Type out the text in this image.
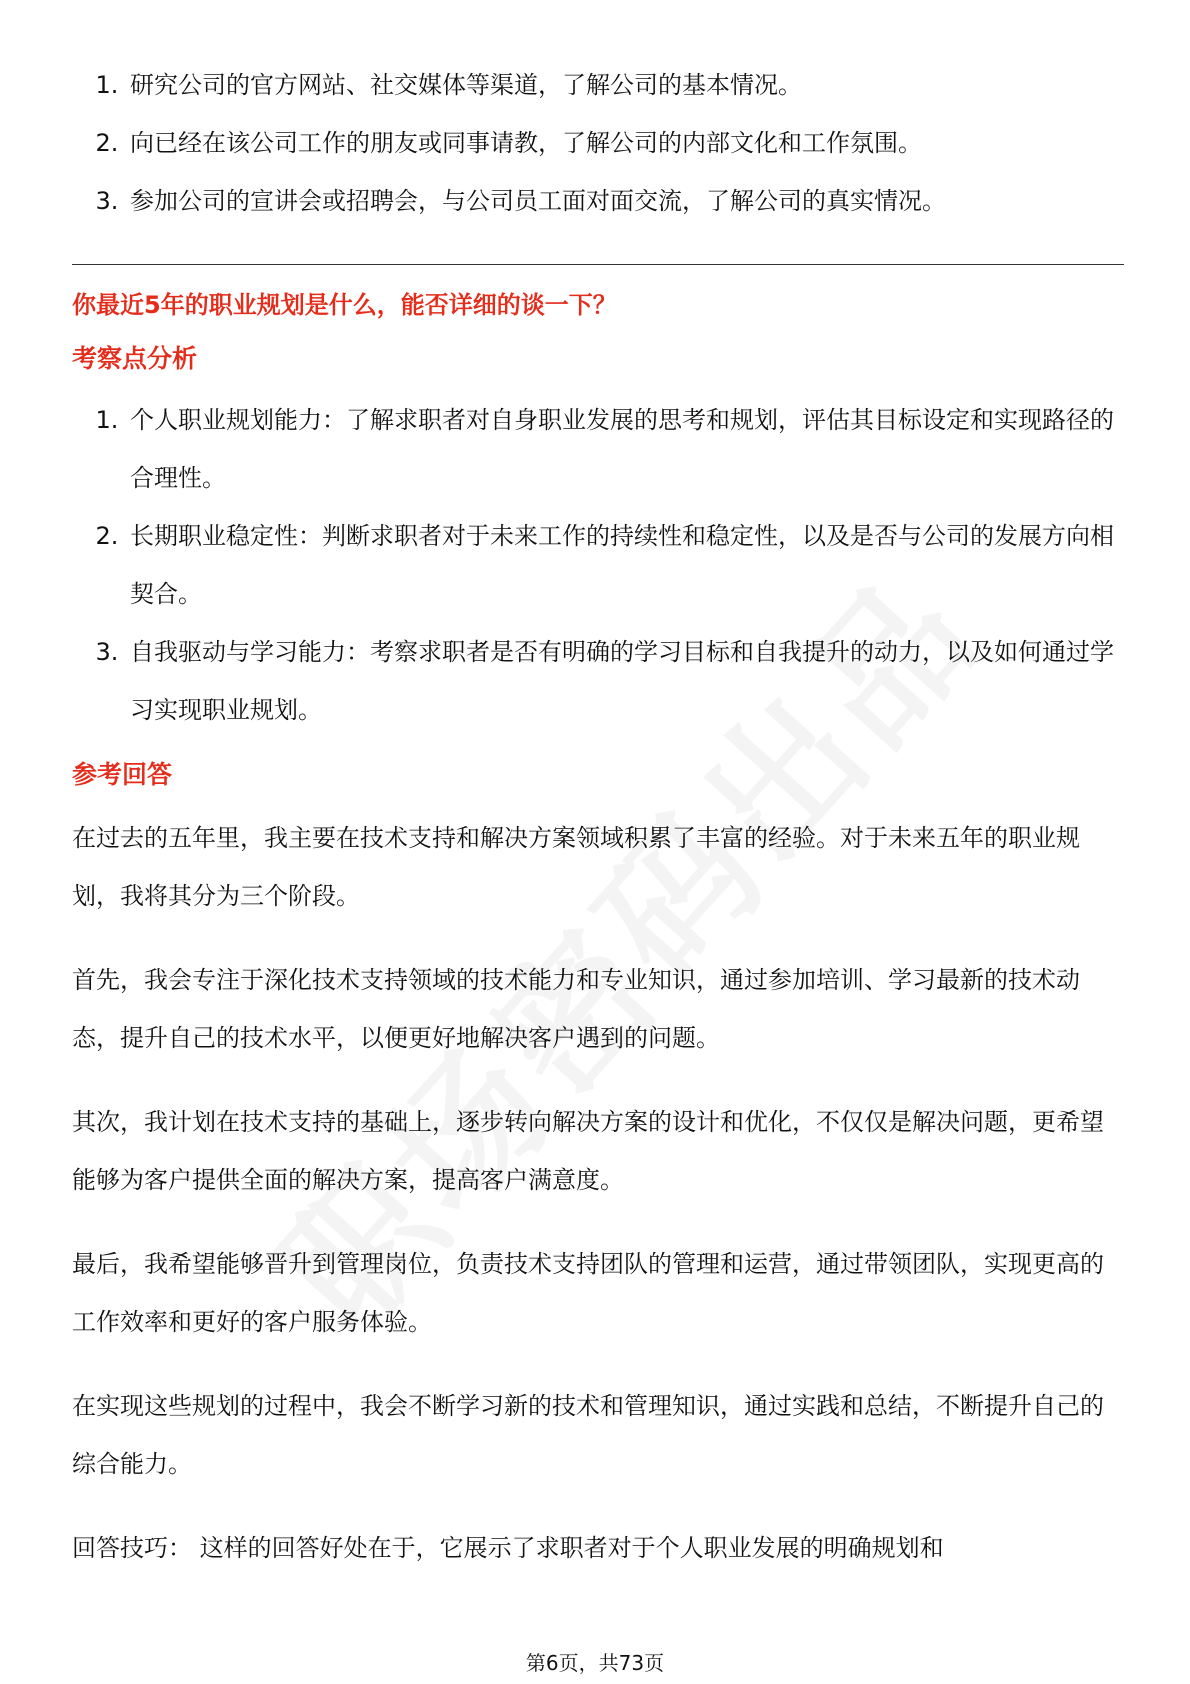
1. 研究公司的官方网站、社交媒体等渠道，了解公司的基本情况。
2. 向已经在该公司工作的朋友或同事请教，了解公司的内部文化和工作氛围。
3. 参加公司的宣讲会或招聘会，与公司员工面对面交流，了解公司的真实情况。

你最近5年的职业规划是什么，能否详细的谈一下？

考察点分析

1. 个人职业规划能力：了解求职者对自身职业发展的思考和规划，评估其目标设定和实现路径的合理性。
2. 长期职业稳定性：判断求职者对于未来工作的持续性和稳定性，以及是否与公司的发展方向相契合。
3. 自我驱动与学习能力：考察求职者是否有明确的学习目标和自我提升的动力，以及如何通过学习实现职业规划。

参考回答

在过去的五年里，我主要在技术支持和解决方案领域积累了丰富的经验。对于未来五年的职业规划，我将其分为三个阶段。

首先，我会专注于深化技术支持领域的技术能力和专业知识，通过参加培训、学习最新的技术动态，提升自己的技术水平，以便更好地解决客户遇到的问题。

其次，我计划在技术支持的基础上，逐步转向解决方案的设计和优化，不仅仅是解决问题，更希望能够为客户提供全面的解决方案，提高客户满意度。

最后，我希望能够晋升到管理岗位，负责技术支持团队的管理和运营，通过带领团队，实现更高的工作效率和更好的客户服务体验。

在实现这些规划的过程中，我会不断学习新的技术和管理知识，通过实践和总结，不断提升自己的综合能力。

回答技巧： 这样的回答好处在于，它展示了求职者对于个人职业发展的明确规划和

第6页，共73页
